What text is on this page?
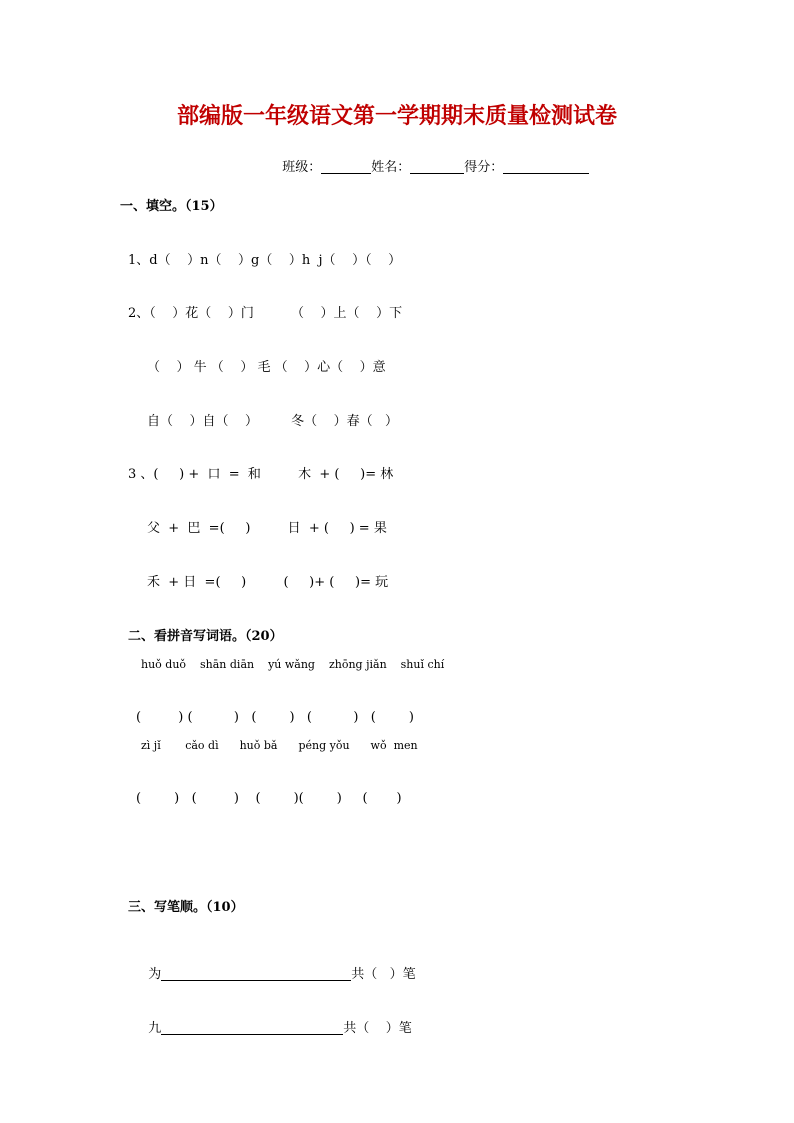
部编版一年级语文第一学期期末质量检测试卷

班级：	姓名：	得分：

一、填空。（15）
1、d（    ）n（    ）g（    ）h  j（    ）（    ）
2、（    ）花（    ）门         （    ）上（    ）下
（    ） 牛 （    ） 毛 （    ）心（    ）意
自（    ）自（    ）        冬（    ）春（   ）
3 、(     ) +  口  =  和         木  + (     )= 林
父  +  巴  =(     )         日  + (     ) = 果
禾  + 日  =(     )         (     )+ (     )= 玩
二、看拼音写词语。（20）
huǒ duǒ    shān diān    yú wǎng    zhōng jiǎn    shuǐ chí
(         ) (          )   (        )   (          )   (        )
zì jǐ       cǎo dì      huǒ bǎ      péng yǒu      wǒ  men
(        )   (         )    (        )(        )     (       )
三、写笔顺。（10）

为	共（   ）笔

九	共（    ）笔
